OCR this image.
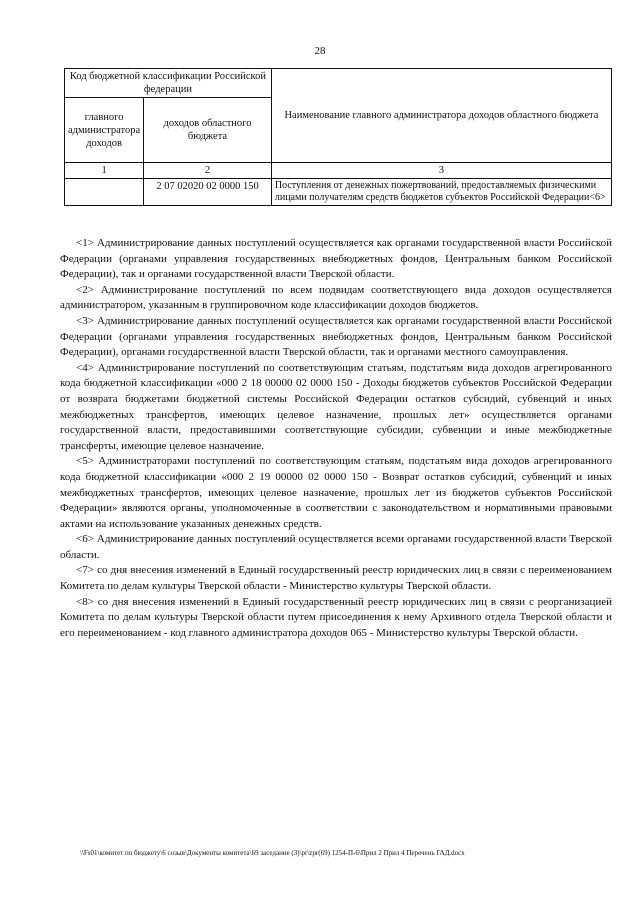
28
Код бюджетной классификации Российской федерации		Наименование главного администратора доходов областного бюджета
главного администратора доходов	доходов областного бюджета	
1	2	3
	2 07 02020 02 0000 150	Поступления от денежных пожертвований, предоставляемых физическими лицами получателям средств бюджетов субъектов Российской Федерации<6>

<1> Администрирование данных поступлений осуществляется как органами государственной власти Российской Федерации (органами управления государственных внебюджетных фондов, Центральным банком Российской Федерации), так и органами государственной власти Тверской области.

<2> Администрирование поступлений по всем подвидам соответствующего вида доходов осуществляется администратором, указанным в группировочном коде классификации доходов бюджетов.

<3> Администрирование данных поступлений осуществляется как органами государственной власти Российской Федерации (органами управления государственных внебюджетных фондов, Центральным банком Российской Федерации), органами государственной власти Тверской области, так и органами местного самоуправления.

<4> Администрирование поступлений по соответствующим статьям, подстатьям вида доходов агрегированного кода бюджетной классификации «000 2 18 00000 02 0000 150 - Доходы бюджетов субъектов Российской Федерации от возврата бюджетами бюджетной системы Российской Федерации остатков субсидий, субвенций и иных межбюджетных трансфертов, имеющих целевое назначение, прошлых лет» осуществляется органами государственной власти, предоставившими соответствующие субсидии, субвенции и иные межбюджетные трансферты, имеющие целевое назначение.

<5> Администраторами поступлений по соответствующим статьям, подстатьям вида доходов агрегированного кода бюджетной классификации «000 2 19 00000 02 0000 150 - Возврат остатков субсидий, субвенций и иных межбюджетных трансфертов, имеющих целевое назначение, прошлых лет из бюджетов субъектов Российской Федерации» являются органы, уполномоченные в соответствии с законодательством и нормативными правовыми актами на использование указанных денежных средств.

<6> Администрирование данных поступлений осуществляется всеми органами государственной власти Тверской области.

<7> со дня внесения изменений в Единый государственный реестр юридических лиц в связи с переименованием Комитета по делам культуры Тверской области - Министерство культуры Тверской области.

<8> со дня внесения изменений в Единый государственный реестр юридических лиц в связи с реорганизацией Комитета по делам культуры Тверской области путем присоединения к нему Архивного отдела Тверской области и его переименованием - код главного администратора доходов 065 - Министерство культуры Тверской области.

\\Fs01\комитет по бюджету\6 созыв\Документы комитета\69 заседание (3)\pr\zpr(69) 1254-П-6\Прил 2 Прил 4 Перечень ГАД.docx
